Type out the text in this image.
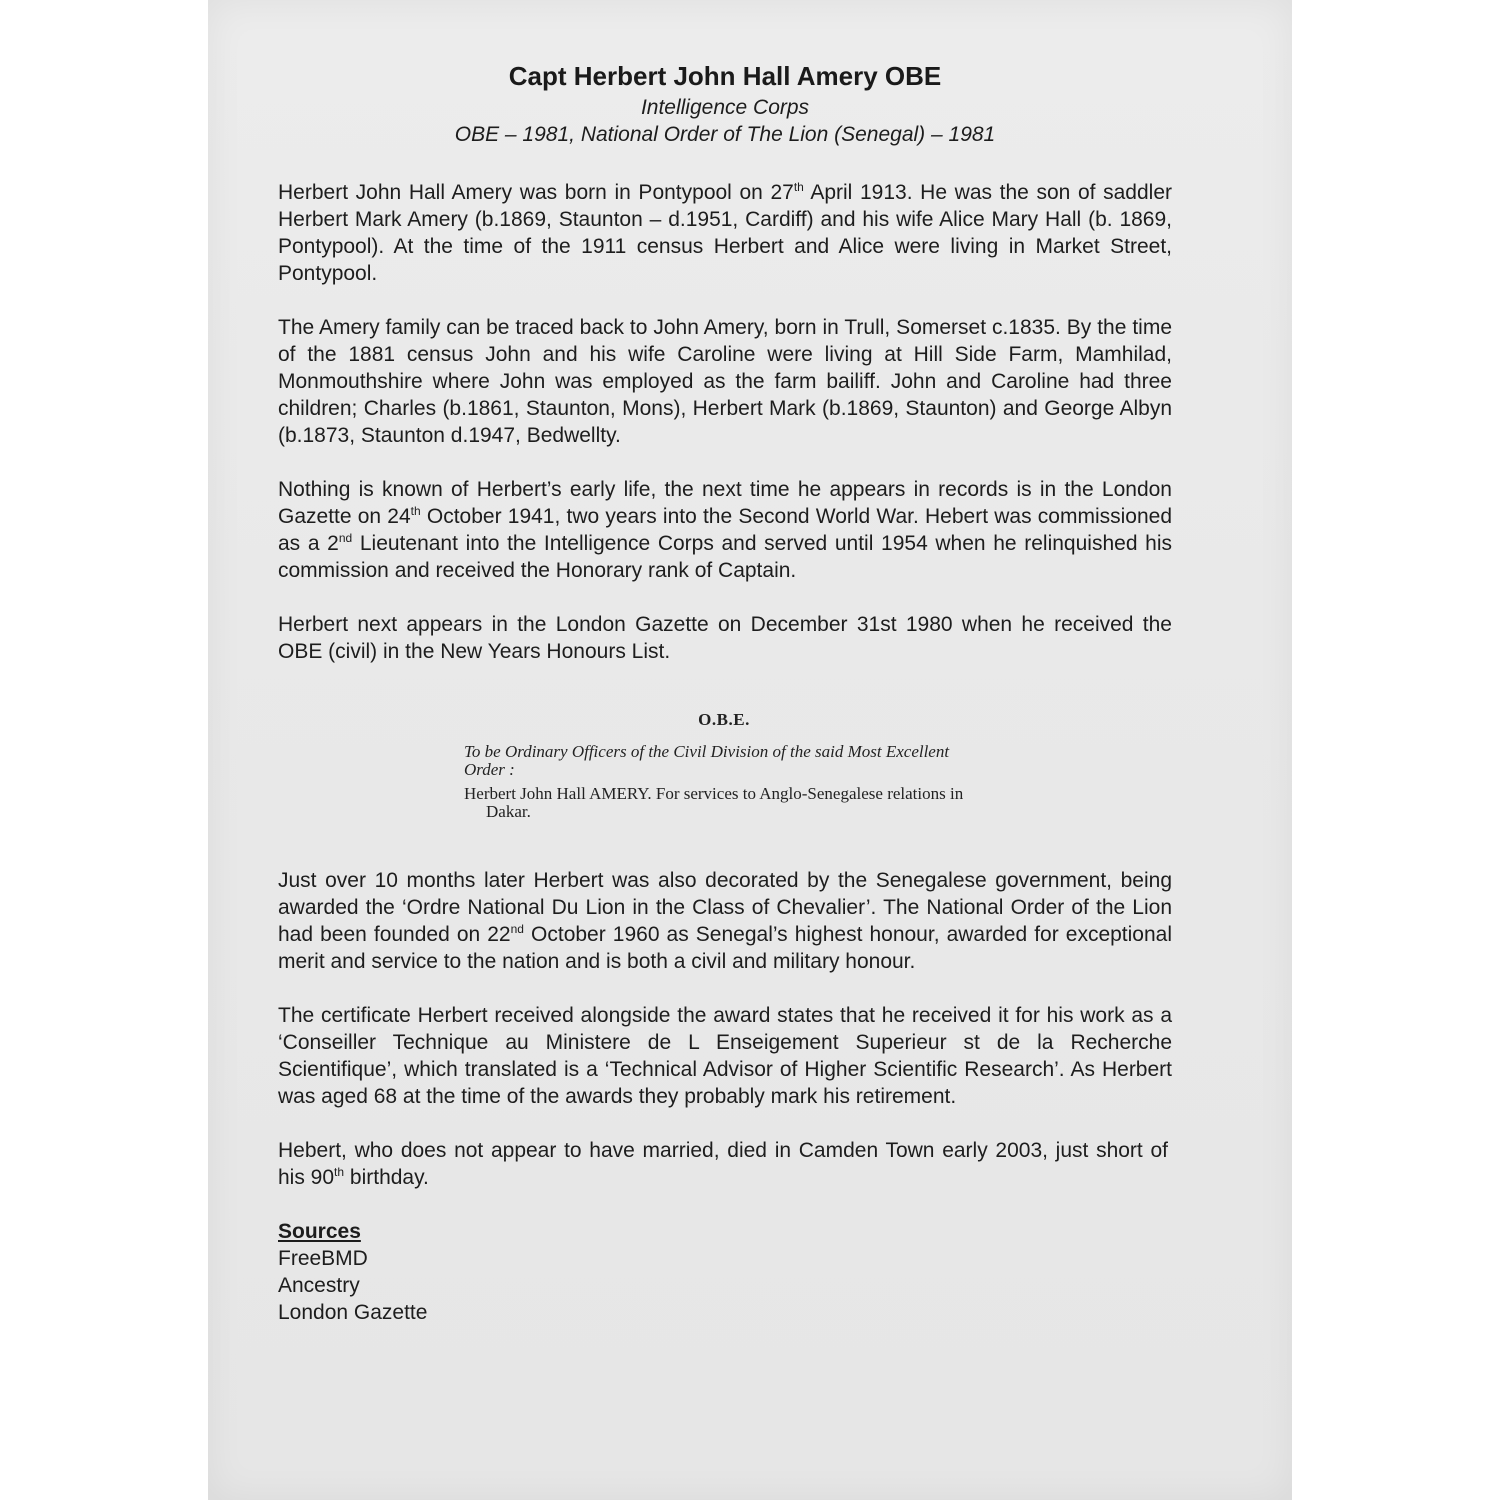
Capt Herbert John Hall Amery OBE

Intelligence Corps

OBE – 1981, National Order of The Lion (Senegal) – 1981

Herbert John Hall Amery was born in Pontypool on 27th April 1913. He was the son of saddler Herbert Mark Amery (b.1869, Staunton – d.1951, Cardiff) and his wife Alice Mary Hall (b. 1869, Pontypool). At the time of the 1911 census Herbert and Alice were living in Market Street, Pontypool.

The Amery family can be traced back to John Amery, born in Trull, Somerset c.1835. By the time of the 1881 census John and his wife Caroline were living at Hill Side Farm, Mamhilad, Monmouthshire where John was employed as the farm bailiff. John and Caroline had three children; Charles (b.1861, Staunton, Mons), Herbert Mark (b.1869, Staunton) and George Albyn (b.1873, Staunton d.1947, Bedwellty.

Nothing is known of Herbert’s early life, the next time he appears in records is in the London Gazette on 24th October 1941, two years into the Second World War. Hebert was commissioned as a 2nd Lieutenant into the Intelligence Corps and served until 1954 when he relinquished his commission and received the Honorary rank of Captain.

Herbert next appears in the London Gazette on December 31st 1980 when he received the OBE (civil) in the New Years Honours List.

O.B.E.

To be Ordinary Officers of the Civil Division of the said Most Excellent Order :

Herbert John Hall AMERY. For services to Anglo-Senegalese relations in Dakar.

Just over 10 months later Herbert was also decorated by the Senegalese government, being awarded the ‘Ordre National Du Lion in the Class of Chevalier’. The National Order of the Lion had been founded on 22nd October 1960 as Senegal’s highest honour, awarded for exceptional merit and service to the nation and is both a civil and military honour.

The certificate Herbert received alongside the award states that he received it for his work as a ‘Conseiller Technique au Ministere de L Enseigement Superieur st de la Recherche Scientifique’, which translated is a ‘Technical Advisor of Higher Scientific Research’. As Herbert was aged 68 at the time of the awards they probably mark his retirement.

Hebert, who does not appear to have married, died in Camden Town early 2003, just short of his 90th birthday.

Sources

FreeBMD

Ancestry

London Gazette
